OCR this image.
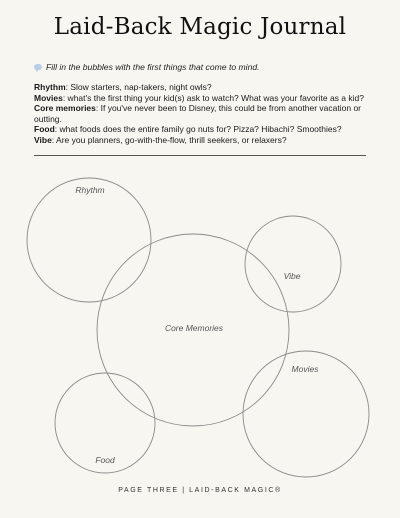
Laid-Back Magic Journal
Fill in the bubbles with the first things that come to mind.

Rhythm: Slow starters, nap-takers, night owls?

Movies: what's the first thing your kid(s) ask to watch? What was your favorite as a kid?

Core memories: If you've never been to Disney, this could be from another vacation or outting.

Food: what foods does the entire family go nuts for? Pizza? Hibachi? Smoothies?

Vibe: Are you planners, go-with-the-flow, thrill seekers, or relaxers?

Rhythm
Vibe
Core Memories
Movies
Food
PAGE THREE | LAID-BACK MAGIC®
